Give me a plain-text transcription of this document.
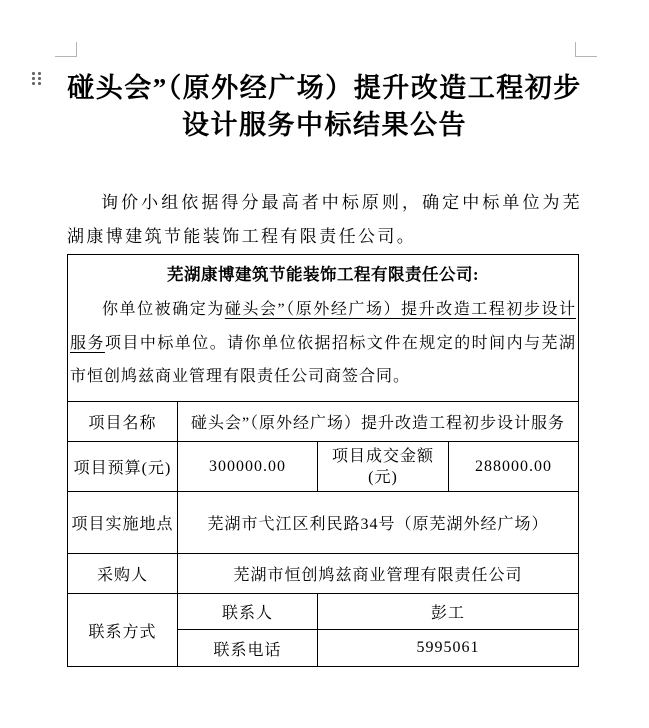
碰头会”（原外经广场）提升改造工程初步
设计服务中标结果公告

询价小组依据得分最高者中标原则，确定中标单位为芜湖康博建筑节能装饰工程有限责任公司。

芜湖康博建筑节能装饰工程有限责任公司:

你单位被确定为碰头会”（原外经广场）提升改造工程初步设计服务项目中标单位。请你单位依据招标文件在规定的时间内与芜湖市恒创鸠兹商业管理有限责任公司商签合同。			

项目名称	碰头会”（原外经广场）提升改造工程初步设计服务		
项目预算(元)	300000.00	项目成交金额(元)	288000.00
项目实施地点	芜湖市弋江区利民路34号（原芜湖外经广场）		
采购人	芜湖市恒创鸠兹商业管理有限责任公司		
联系方式	联系人	彭工	
	联系电话	5995061	
